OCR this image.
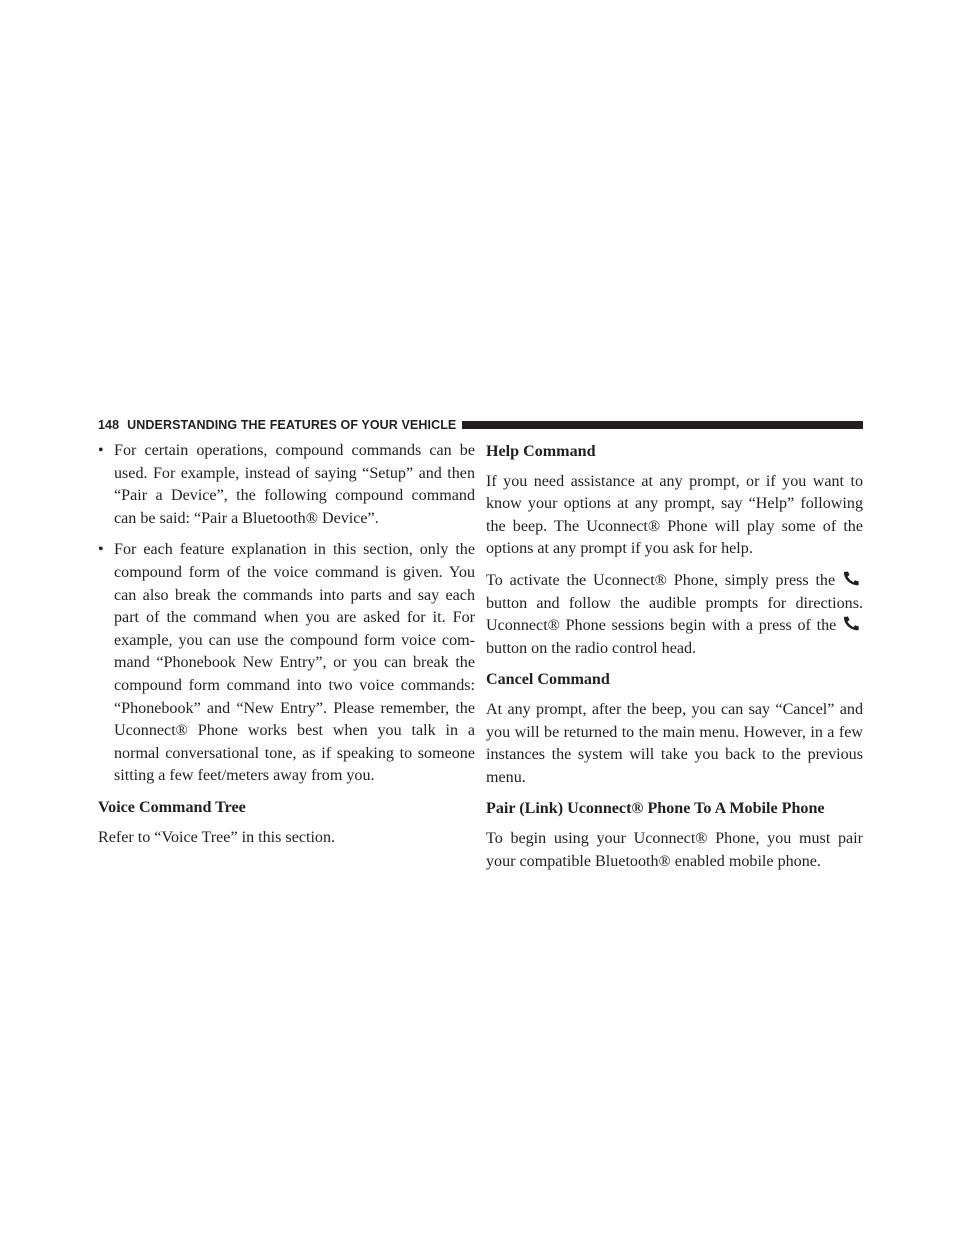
148 UNDERSTANDING THE FEATURES OF YOUR VEHICLE
• For certain operations, compound commands can be used. For example, instead of saying “Setup” and then “Pair a Device”, the following compound command can be said: “Pair a Bluetooth® Device”.
• For each feature explanation in this section, only the compound form of the voice command is given. You can also break the commands into parts and say each part of the command when you are asked for it. For example, you can use the compound form voice com- mand “Phonebook New Entry”, or you can break the compound form command into two voice commands: “Phonebook” and “New Entry”. Please remember, the Uconnect® Phone works best when you talk in a normal conversational tone, as if speaking to someone sitting a few feet/meters away from you.
Voice Command Tree

Refer to “Voice Tree” in this section.

Help Command

If you need assistance at any prompt, or if you want to know your options at any prompt, say “Help” following the beep. The Uconnect® Phone will play some of the options at any prompt if you ask for help.

To activate the Uconnect® Phone, simply press the
button and follow the audible prompts for directions. Uconnect® Phone sessions begin with a press of the
button on the radio control head.

Cancel Command

At any prompt, after the beep, you can say “Cancel” and you will be returned to the main menu. However, in a few instances the system will take you back to the previous menu.

Pair (Link) Uconnect® Phone To A Mobile Phone

To begin using your Uconnect® Phone, you must pair your compatible Bluetooth® enabled mobile phone.
